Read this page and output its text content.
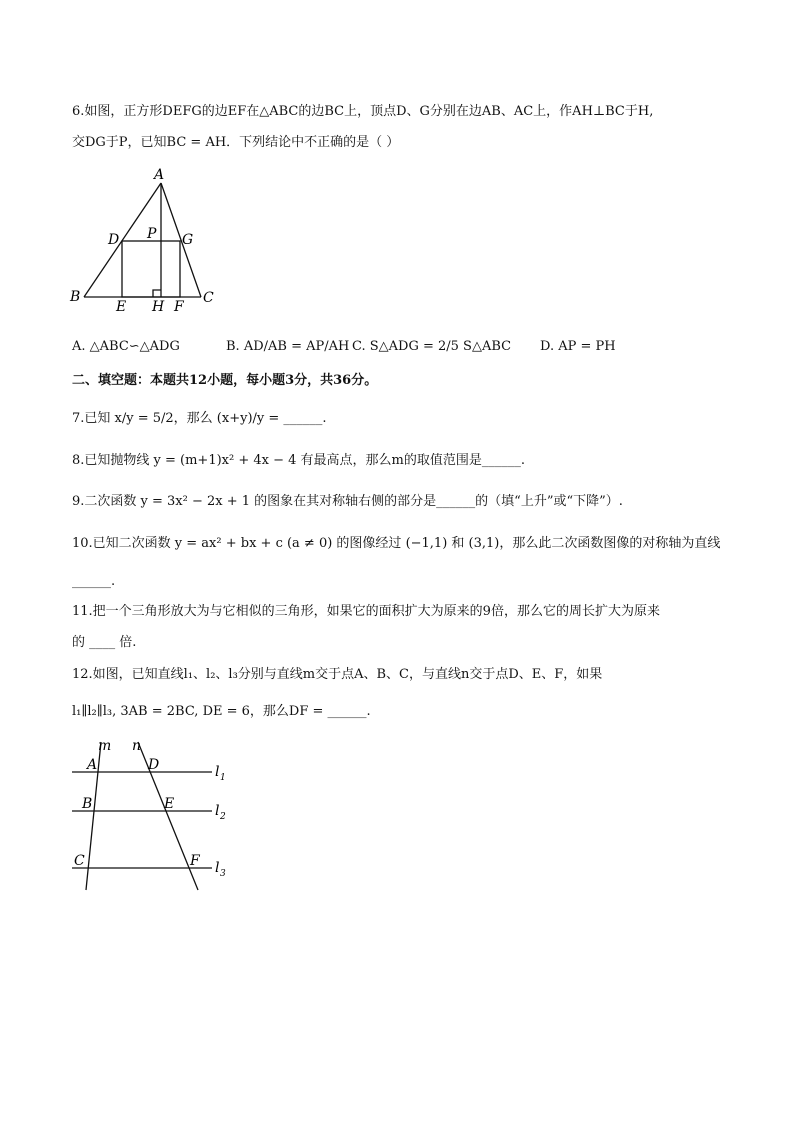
6.如图，正方形DEFG的边EF在△ABC的边BC上，顶点D、G分别在边AB、AC上，作AH⊥BC于H,
交DG于P，已知BC = AH．下列结论中不正确的是（ ）
A
B	C
D
E	F
G
H
P
A. △ABC∽△ADG	B. AD/AB = AP/AH C. S△ADG = 2/5 S△ABC D. AP = PH
二、填空题：本题共12小题，每小题3分，共36分。
7.已知 x/y = 5/2，那么 (x+y)/y = ______.
8.已知抛物线 y = (m+1)x² + 4x − 4 有最高点，那么m的取值范围是______.
9.二次函数 y = 3x² − 2x + 1 的图象在其对称轴右侧的部分是______的（填“上升”或“下降”）.
10.已知二次函数 y = ax² + bx + c (a ≠ 0) 的图像经过 (−1,1) 和 (3,1)，那么此二次函数图像的对称轴为直线
______.
11.把一个三角形放大为与它相似的三角形，如果它的面积扩大为原来的9倍，那么它的周长扩大为原来
的 ____ 倍.
12.如图，已知直线l₁、l₂、l₃分别与直线m交于点A、B、C，与直线n交于点D、E、F，如果
l₁∥l₂∥l₃, 3AB = 2BC, DE = 6，那么DF = ______.
m n
A	D
B	E
C	F
l 1
l 2
l 3
